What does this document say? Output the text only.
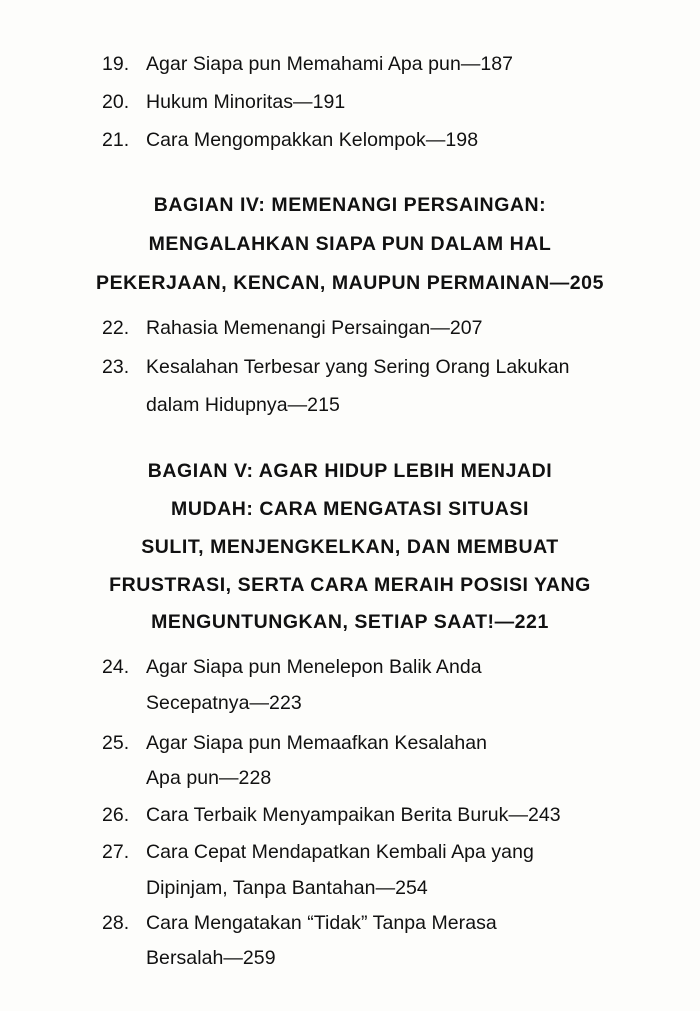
19. Agar Siapa pun Memahami Apa pun—187
20. Hukum Minoritas—191
21. Cara Mengompakkan Kelompok—198
BAGIAN IV: MEMENANGI PERSAINGAN:
MENGALAHKAN SIAPA PUN DALAM HAL
PEKERJAAN, KENCAN, MAUPUN PERMAINAN—205
22. Rahasia Memenangi Persaingan—207
23. Kesalahan Terbesar yang Sering Orang Lakukan
dalam Hidupnya—215
BAGIAN V: AGAR HIDUP LEBIH MENJADI
MUDAH: CARA MENGATASI SITUASI
SULIT, MENJENGKELKAN, DAN MEMBUAT
FRUSTRASI, SERTA CARA MERAIH POSISI YANG
MENGUNTUNGKAN, SETIAP SAAT!—221
24. Agar Siapa pun Menelepon Balik Anda
Secepatnya—223
25. Agar Siapa pun Memaafkan Kesalahan
Apa pun—228
26. Cara Terbaik Menyampaikan Berita Buruk—243
27. Cara Cepat Mendapatkan Kembali Apa yang
Dipinjam, Tanpa Bantahan—254
28. Cara Mengatakan “Tidak” Tanpa Merasa
Bersalah—259
